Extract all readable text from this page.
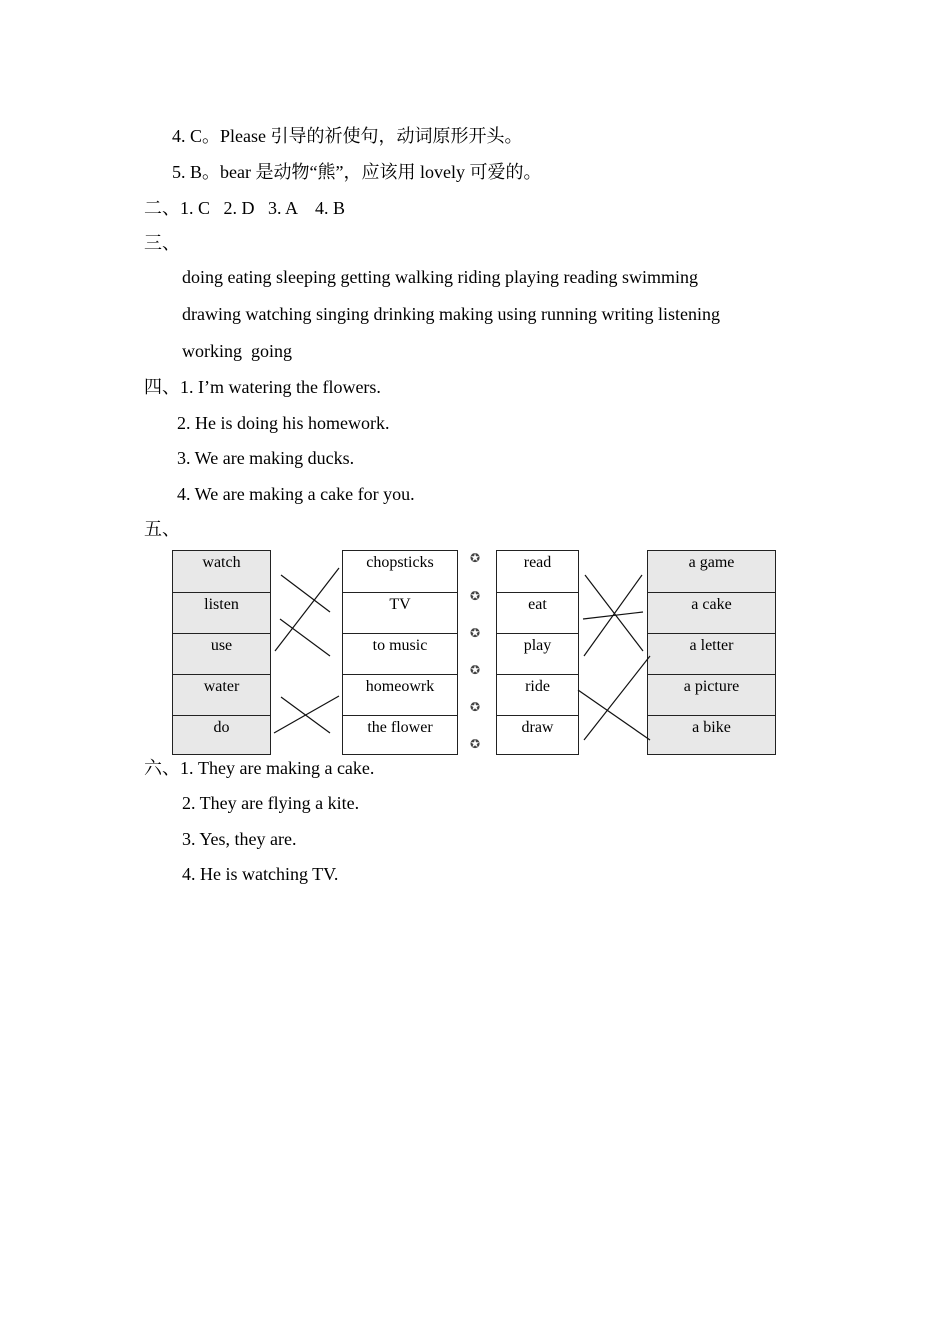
4. C。Please 引导的祈使句，动词原形开头。
5. B。bear 是动物“熊”，应该用 lovely 可爱的。
二、1. C   2. D   3. A    4. B
三、
doing eating sleeping getting walking riding playing reading swimming
drawing watching singing drinking making using running writing listening
working going
四、1. I’m watering the flowers.
2. He is doing his homework.
3. We are making ducks.
4. We are making a cake for you.
五、
watch
listen
use
water
do
chopsticks
TV
to music
homeowrk
the flower
✪
✪
✪
✪
✪
✪
read
eat
play
ride
draw
a game
a cake
a letter
a picture
a bike
六、1. They are making a cake.
2. They are flying a kite.
3. Yes, they are.
4. He is watching TV.
